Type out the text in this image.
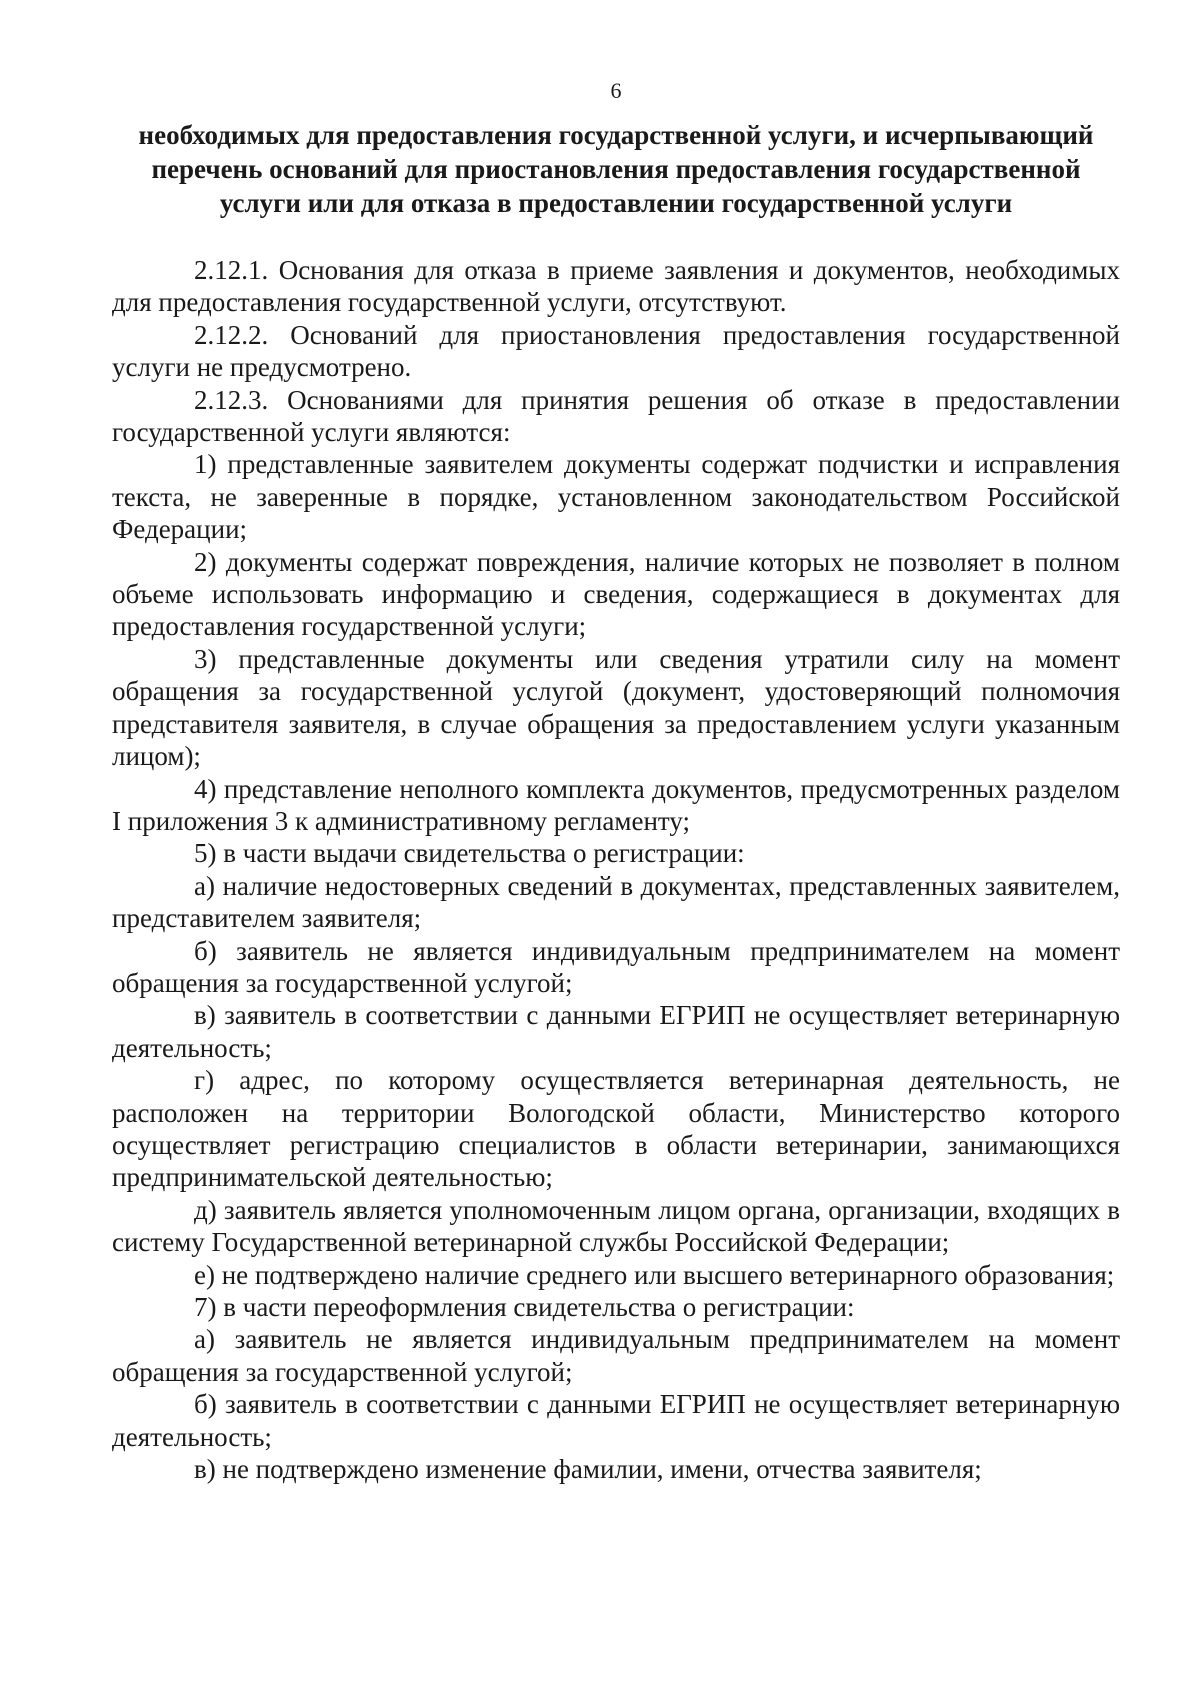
6
необходимых для предоставления государственной услуги, и исчерпывающий перечень оснований для приостановления предоставления государственной услуги или для отказа в предоставлении государственной услуги

2.12.1. Основания для отказа в приеме заявления и документов, необходимых для предоставления государственной услуги, отсутствуют.

2.12.2. Оснований для приостановления предоставления государственной услуги не предусмотрено.

2.12.3. Основаниями для принятия решения об отказе в предоставлении государственной услуги являются:

1) представленные заявителем документы содержат подчистки и исправления текста, не заверенные в порядке, установленном законодательством Российской Федерации;

2) документы содержат повреждения, наличие которых не позволяет в полном объеме использовать информацию и сведения, содержащиеся в документах для предоставления государственной услуги;

3) представленные документы или сведения утратили силу на момент обращения за государственной услугой (документ, удостоверяющий полномочия представителя заявителя, в случае обращения за предоставлением услуги указанным лицом);

4) представление неполного комплекта документов, предусмотренных разделом I приложения 3 к административному регламенту;

5) в части выдачи свидетельства о регистрации:

а) наличие недостоверных сведений в документах, представленных заявителем, представителем заявителя;

б) заявитель не является индивидуальным предпринимателем на момент обращения за государственной услугой;

в) заявитель в соответствии с данными ЕГРИП не осуществляет ветеринарную деятельность;

г) адрес, по которому осуществляется ветеринарная деятельность, не расположен на территории Вологодской области, Министерство которого осуществляет регистрацию специалистов в области ветеринарии, занимающихся предпринимательской деятельностью;

д) заявитель является уполномоченным лицом органа, организации, входящих в систему Государственной ветеринарной службы Российской Федерации;

е) не подтверждено наличие среднего или высшего ветеринарного образования;

7) в части переоформления свидетельства о регистрации:

а) заявитель не является индивидуальным предпринимателем на момент обращения за государственной услугой;

б) заявитель в соответствии с данными ЕГРИП не осуществляет ветеринарную деятельность;

в) не подтверждено изменение фамилии, имени, отчества заявителя;
